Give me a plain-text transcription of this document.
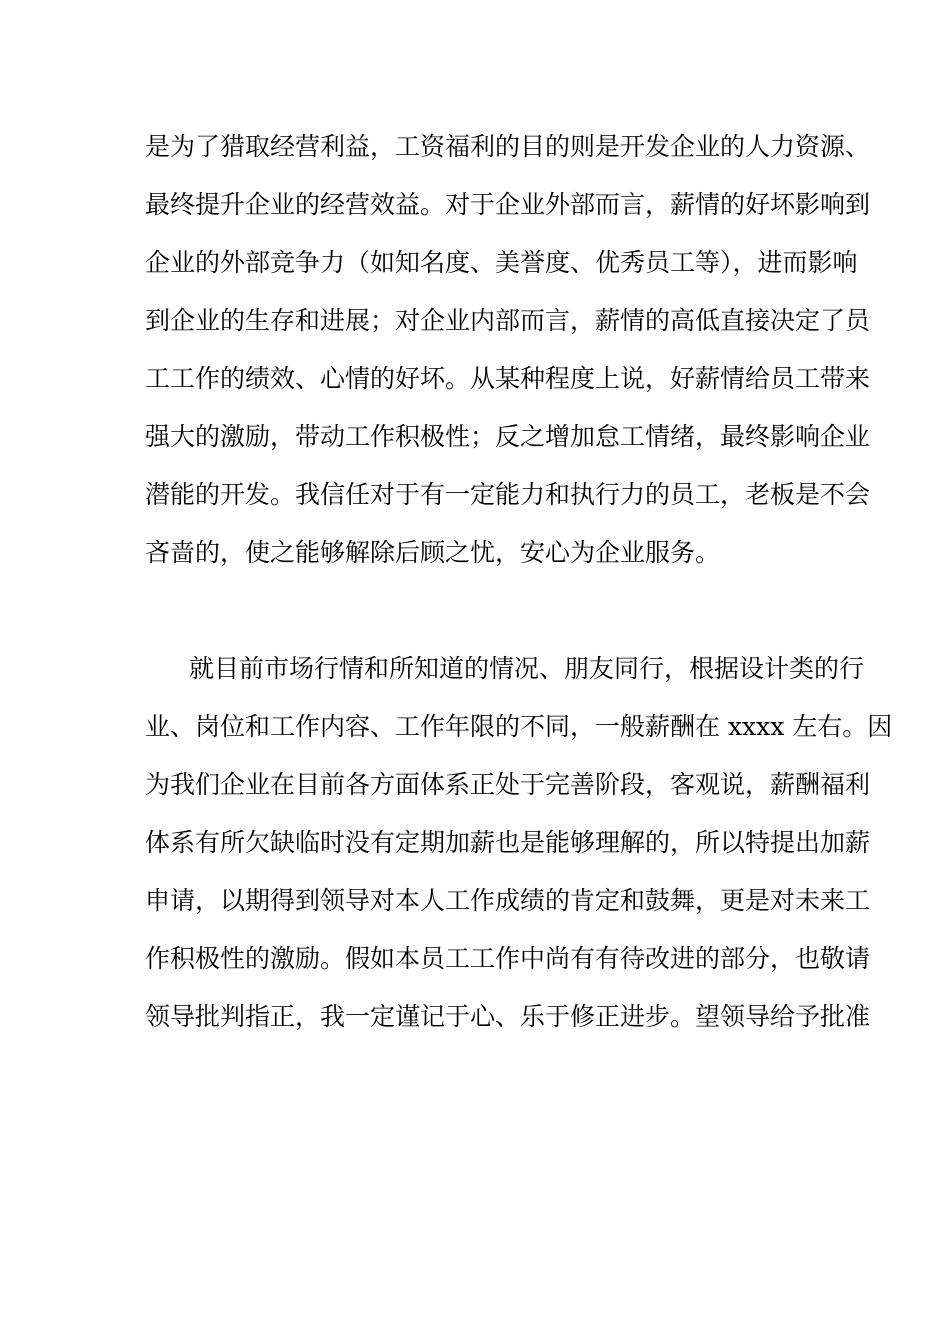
是为了猎取经营利益，工资福利的目的则是开发企业的人力资源、

最终提升企业的经营效益。对于企业外部而言，薪情的好坏影响到

企业的外部竞争力（如知名度、美誉度、优秀员工等），进而影响

到企业的生存和进展；对企业内部而言，薪情的高低直接决定了员

工工作的绩效、心情的好坏。从某种程度上说，好薪情给员工带来

强大的激励，带动工作积极性；反之增加怠工情绪，最终影响企业

潜能的开发。我信任对于有一定能力和执行力的员工，老板是不会

吝啬的，使之能够解除后顾之忧，安心为企业服务。

就目前市场行情和所知道的情况、朋友同行，根据设计类的行

业、岗位和工作内容、工作年限的不同，一般薪酬在 xxxx 左右。因

为我们企业在目前各方面体系正处于完善阶段，客观说，薪酬福利

体系有所欠缺临时没有定期加薪也是能够理解的，所以特提出加薪

申请，以期得到领导对本人工作成绩的肯定和鼓舞，更是对未来工

作积极性的激励。假如本员工工作中尚有有待改进的部分，也敬请

领导批判指正，我一定谨记于心、乐于修正进步。望领导给予批准
